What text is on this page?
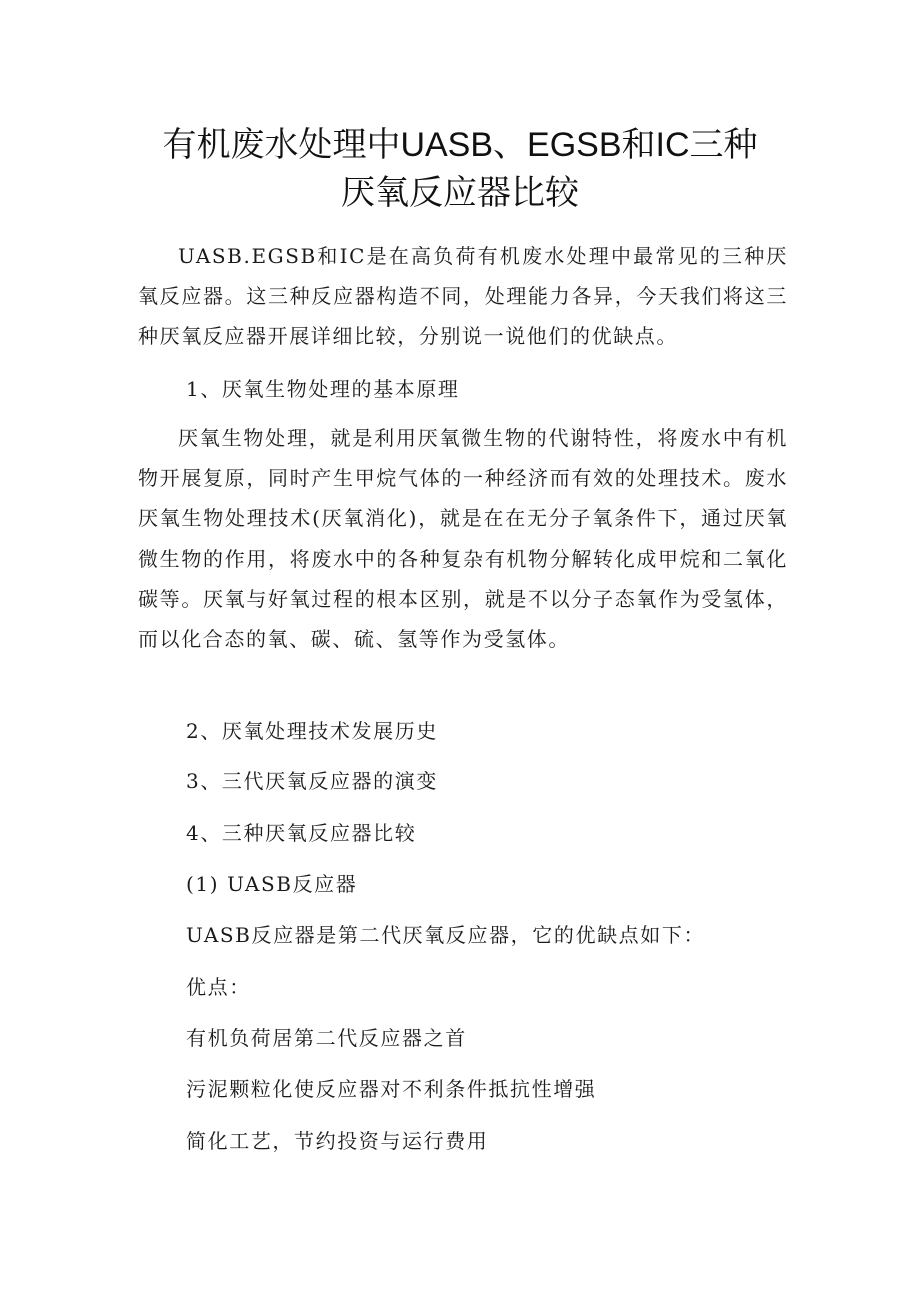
有机废水处理中UASB、EGSB和IC三种
厌氧反应器比较

UASB.EGSB和IC是在高负荷有机废水处理中最常见的三种厌氧反应器。这三种反应器构造不同，处理能力各异，今天我们将这三种厌氧反应器开展详细比较，分别说一说他们的优缺点。

1、厌氧生物处理的基本原理

厌氧生物处理，就是利用厌氧微生物的代谢特性，将废水中有机物开展复原，同时产生甲烷气体的一种经济而有效的处理技术。废水厌氧生物处理技术(厌氧消化)，就是在在无分子氧条件下，通过厌氧微生物的作用，将废水中的各种复杂有机物分解转化成甲烷和二氧化碳等。厌氧与好氧过程的根本区别，就是不以分子态氧作为受氢体，而以化合态的氧、碳、硫、氢等作为受氢体。

2、厌氧处理技术发展历史

3、三代厌氧反应器的演变

4、三种厌氧反应器比较

(1) UASB反应器

UASB反应器是第二代厌氧反应器，它的优缺点如下：

优点：

有机负荷居第二代反应器之首

污泥颗粒化使反应器对不利条件抵抗性增强

简化工艺，节约投资与运行费用
